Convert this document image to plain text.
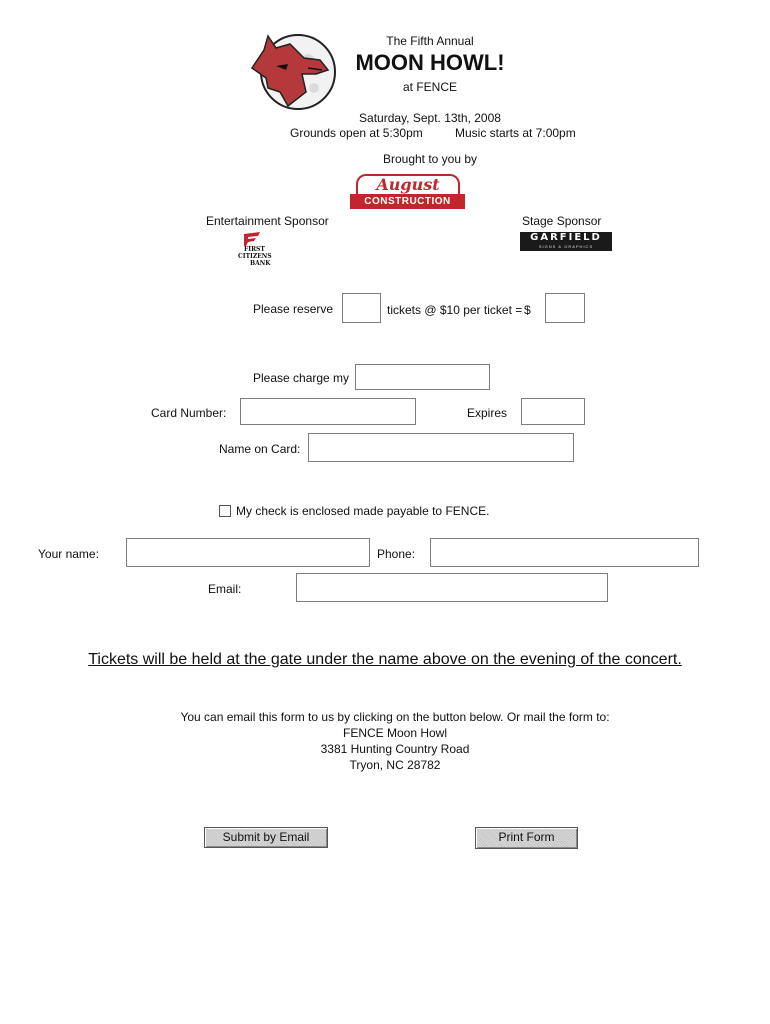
The Fifth Annual
MOON HOWL!
at FENCE
Saturday, Sept. 13th, 2008
Grounds open at 5:30pm	Music starts at 7:00pm
Brought to you by
August
CONSTRUCTION
Entertainment Sponsor	Stage Sponsor
FIRST
CITIZENS
BANK
GARFIELD
SIGNS & GRAPHICS
Please reserve	tickets @ $10 per ticket = $
Please charge my
Card Number:	Expires
Name on Card:
My check is enclosed made payable to FENCE.
Your name:	Phone:
Email:
Tickets will be held at the gate under the name above on the evening of the concert.
You can email this form to us by clicking on the button below. Or mail the form to:
FENCE Moon Howl
3381 Hunting Country Road
Tryon, NC 28782
Submit by Email	Print Form
